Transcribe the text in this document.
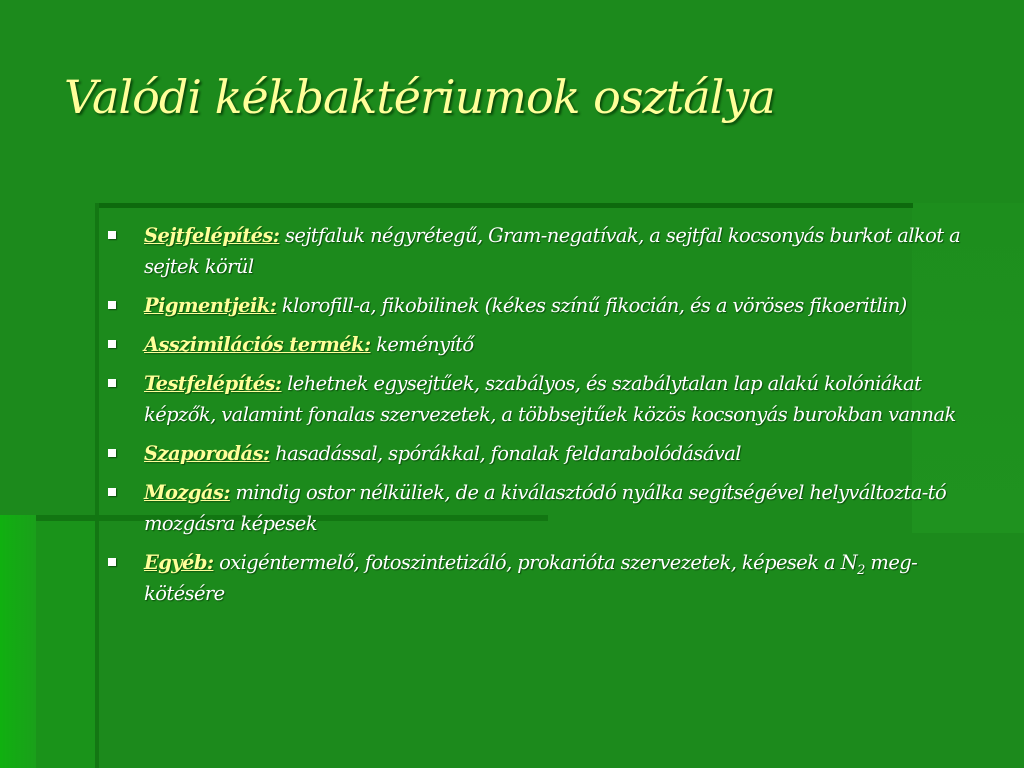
Valódi kékbaktériumok osztálya
Sejtfelépítés: sejtfaluk négyrétegű, Gram-negatívak, a sejtfal kocsonyás burkot alkot a sejtek körül
Pigmentjeik: klorofill-a, fikobilinek (kékes színű fikocián, és a vöröses fikoeritlin)
Asszimilációs termék: keményítő
Testfelépítés: lehetnek egysejtűek, szabályos, és szabálytalan lap alakú kolóniákat képzők, valamint fonalas szervezetek, a többsejtűek közös kocsonyás burokban vannak
Szaporodás: hasadással, spórákkal, fonalak feldarabolódásával
Mozgás: mindig ostor nélküliek, de a kiválasztódó nyálka segítségével helyváltozta-tó mozgásra képesek
Egyéb: oxigéntermelő, fotoszintetizáló, prokarióta szervezetek, képesek a $N_2$ meg-kötésére
